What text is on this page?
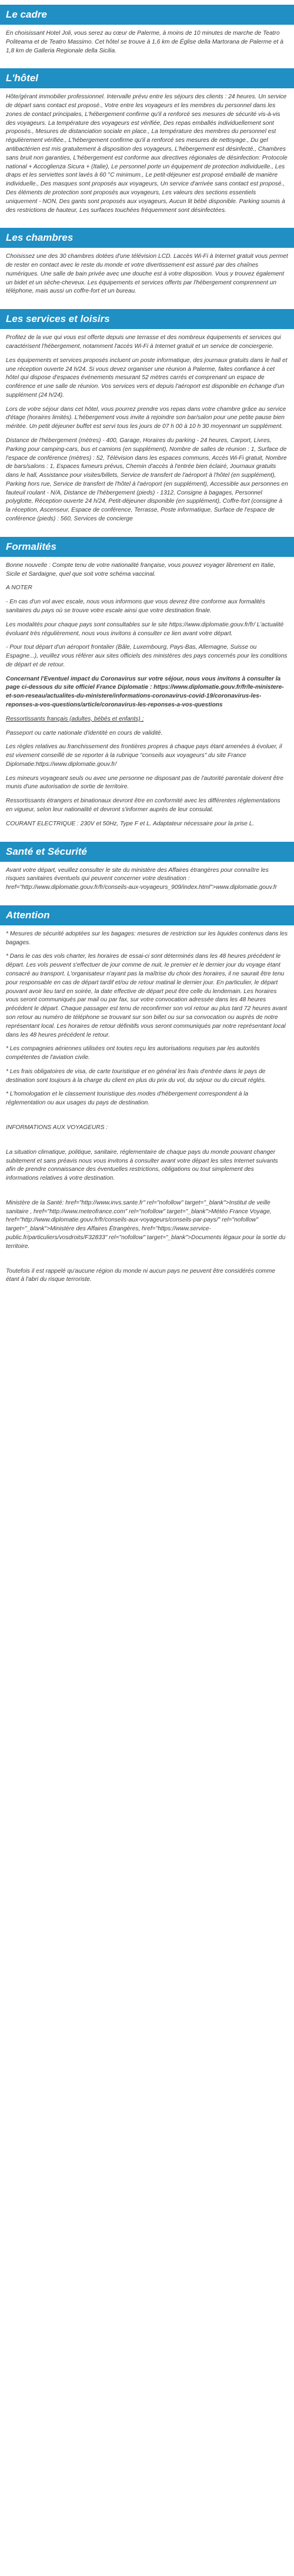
Le cadre

En choisissant Hotel Joli, vous serez au cœur de Palerme, à moins de 10 minutes de marche de Teatro Politeama et de Teatro Massimo. Cet hôtel se trouve à 1,6 km de Église della Martorana de Palerme et à 1,8 km de Galleria Regionale della Sicilia.

L'hôtel

Hôte/gérant immobilier professionnel. Intervalle prévu entre les séjours des clients : 24 heures. Un service de départ sans contact est proposé., Votre entre les voyageurs et les membres du personnel dans les zones de contact principales, L'hébergement confirme qu'il a renforcé ses mesures de sécurité vis-à-vis des voyageurs. La température des voyageurs est vérifiée, Des repas emballés individuellement sont proposés., Mesures de distanciation sociale en place., La température des membres du personnel est régulièrement vérifiée., L'hébergement confirme qu'il a renforcé ses mesures de nettoyage., Du gel antibactérien est mis gratuitement à disposition des voyageurs, L'hébergement est désinfecté., Chambres sans bruit non garanties, L'hébergement est conforme aux directives régionales de désinfection: Protocole national + Accoglienza Sicura + (Italie), Le personnel porte un équipement de protection individuelle., Les draps et les serviettes sont lavés à 60 °C minimum., Le petit-déjeuner est proposé emballé de manière individuelle., Des masques sont proposés aux voyageurs, Un service d'arrivée sans contact est proposé., Des éléments de protection sont proposés aux voyageurs, Les valeurs des sections essentiels uniquement - NON, Des gants sont proposés aux voyageurs, Aucun lit bébé disponible. Parking soumis à des restrictions de hauteur, Les surfaces touchées fréquemment sont désinfectées.

Les chambres

Choisissez une des 30 chambres dotées d'une télévision LCD. Laccès Wi-Fi à Internet gratuit vous permet de rester en contact avec le reste du monde et votre divertissement est assuré par des chaînes numériques. Une salle de bain privée avec une douche est à votre disposition. Vous y trouvez également un bidet et un sèche-cheveux. Les équipements et services offerts par l'hébergement comprennent un téléphone, mais aussi un coffre-fort et un bureau.

Les services et loisirs

Profitez de la vue qui vous est offerte depuis une terrasse et des nombreux équipements et services qui caractérisent l'hébergement, notamment l'accès Wi-Fi à Internet gratuit et un service de conciergerie.

Les équipements et services proposés incluent un poste informatique, des journaux gratuits dans le hall et une réception ouverte 24 h/24. Si vous devez organiser une réunion à Palerme, faites confiance à cet hôtel qui dispose d'espaces événements mesurant 52 mètres carrés et comprenant un espace de conférence et une salle de réunion. Vos services vers et depuis l'aéroport est disponible en échange d'un supplément (24 h/24).

Lors de votre séjour dans cet hôtel, vous pourrez prendre vos repas dans votre chambre grâce au service d'étage (horaires limités). L'hébergement vous invite à rejoindre son bar/salon pour une petite pause bien méritée. Un petit déjeuner buffet est servi tous les jours de 07 h 00 à 10 h 30 moyennant un supplément.

Distance de l'hébergement (mètres) - 400, Garage, Horaires du parking - 24 heures, Carport, Livres, Parking pour camping-cars, bus et camions (en supplément), Nombre de salles de réunion : 1, Surface de l'espace de conférence (mètres) : 52, Télévision dans les espaces communs, Accès Wi-Fi gratuit, Nombre de bars/salons : 1, Espaces fumeurs prévus, Chemin d'accès à l'entrée bien éclairé, Journaux gratuits dans le hall, Assistance pour visites/billets, Service de transfert de l'aéroport à l'hôtel (en supplément), Parking hors rue, Service de transfert de l'hôtel à l'aéroport (en supplément), Accessible aux personnes en fauteuil roulant - N/A, Distance de l'hébergement (pieds) - 1312, Consigne à bagages, Personnel polyglotte, Réception ouverte 24 h/24, Petit-déjeuner disponible (en supplément), Coffre-fort (consigne à la réception, Ascenseur, Espace de conférence, Terrasse, Poste informatique, Surface de l'espace de conférence (pieds) : 560, Services de concierge

Formalités

Bonne nouvelle : Compte tenu de votre nationalité française, vous pouvez voyager librement en Italie, Sicile et Sardaigne, quel que soit votre schéma vaccinal.

A NOTER

- En cas d'un vol avec escale, nous vous informons que vous devrez être conforme aux formalités sanitaires du pays où se trouve votre escale ainsi que votre destination finale.

Les modalités pour chaque pays sont consultables sur le site https://www.diplomatie.gouv.fr/fr/ L'actualité évoluant très régulièrement, nous vous invitons à consulter ce lien avant votre départ.

- Pour tout départ d'un aéroport frontalier (Bâle, Luxembourg, Pays-Bas, Allemagne, Suisse ou Espagne...), veuillez vous référer aux sites officiels des ministères des pays concernés pour les conditions de départ et de retour.

Concernant l'Eventuel impact du Coronavirus sur votre séjour, nous vous invitons à consulter la page ci-dessous du site officiel France Diplomatie : https://www.diplomatie.gouv.fr/fr/le-ministere-et-son-reseau/actualites-du-ministere/informations-coronavirus-covid-19/coronavirus-les-reponses-a-vos-questions/article/coronavirus-les-reponses-a-vos-questions

Ressortissants français (adultes, bébés et enfants) :

Passeport ou carte nationale d'identité en cours de validité.

Les règles relatives au franchissement des frontières propres à chaque pays étant amenées à évoluer, il est vivement conseillé de se reporter à la rubrique "conseils aux voyageurs" du site France Diplomatie:https://www.diplomatie.gouv.fr/

Les mineurs voyageant seuls ou avec une personne ne disposant pas de l'autorité parentale doivent être munis d'une autorisation de sortie de territoire.

Ressortissants étrangers et binationaux devront être en conformité avec les différentes réglementations en vigueur, selon leur nationalité et devront s'informer auprès de leur consulat.

COURANT ELECTRIQUE : 230V et 50Hz, Type F et L. Adaptateur nécessaire pour la prise L.

Santé et Sécurité

Avant votre départ, veuillez consulter le site du ministère des Affaires étrangères pour connaître les risques sanitaires éventuels qui peuvent concerner votre destination : href="http://www.diplomatie.gouv.fr/fr/conseils-aux-voyageurs_909/index.html">www.diplomatie.gouv.fr

Attention

* Mesures de sécurité adoptées sur les bagages: mesures de restriction sur les liquides contenus dans les bagages.

* Dans le cas des vols charter, les horaires de essai-ci sont déterminés dans les 48 heures précédent le départ. Les vols peuvent s'effectuer de jour comme de nuit, le premier et le dernier jour du voyage étant consacré au transport. L'organisateur n'ayant pas la maîtrise du choix des horaires, il ne saurait être tenu pour responsable en cas de départ tardif et/ou de retour matinal le dernier jour. En particulier, le départ pouvant avoir lieu tard en soirée, la date effective de départ peut être celle du lendemain. Les horaires vous seront communiqués par mail ou par fax, sur votre convocation adressée dans les 48 heures précédent le départ. Chaque passager est tenu de reconfirmer son vol retour au plus tard 72 heures avant son retour au numéro de téléphone se trouvant sur son billet ou sur sa convocation ou auprès de notre représentant local. Les horaires de retour définitifs vous seront communiqués par notre représentant local dans les 48 heures précédent le retour.

* Les compagnies aériennes utilisées ont toutes reçu les autorisations requises par les autorités compétentes de l'aviation civile.

* Les frais obligatoires de visa, de carte touristique et en général les frais d'entrée dans le pays de destination sont toujours à la charge du client en plus du prix du vol, du séjour ou du circuit réglés.

* L'homologation et le classement touristique des modes d'hébergement correspondent à la réglementation ou aux usages du pays de destination.

INFORMATIONS AUX VOYAGEURS :

La situation climatique, politique, sanitaire, réglementaire de chaque pays du monde pouvant changer subitement et sans préavis nous vous invitons à consulter avant votre départ les sites Internet suivants afin de prendre connaissance des éventuelles restrictions, obligations ou tout simplement des informations relatives à votre destination.

Ministère de la Santé: href="http://www.invs.sante.fr" rel="nofollow" target="_blank">Institut de veille sanitaire , href="http://www.meteofrance.com" rel="nofollow" target="_blank">Météo France Voyage, href="http://www.diplomatie.gouv.fr/fr/conseils-aux-voyageurs/conseils-par-pays/" rel="nofollow" target="_blank">Ministère des Affaires Étrangères, href="https://www.service-public.fr/particuliers/vosdroits/F32833" rel="nofollow" target="_blank">Documents légaux pour la sortie du territoire.

Toutefois il est rappelé qu'aucune région du monde ni aucun pays ne peuvent être considérés comme étant à l'abri du risque terroriste.
